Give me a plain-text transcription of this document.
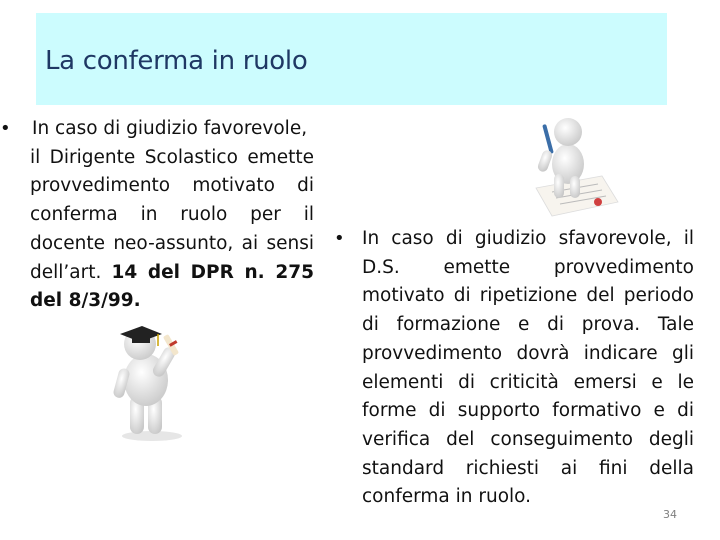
La conferma in ruolo
• In caso di giudizio favorevole,
il Dirigente Scolastico emette provvedimento motivato di conferma in ruolo per il docente neo-assunto, ai sensi dell’art. 14 del DPR n. 275 del 8/3/99.
• In caso di giudizio sfavorevole, il D.S. emette provvedimento motivato di ripetizione del periodo di formazione e di prova. Tale provvedimento dovrà indicare gli elementi di criticità emersi e le forme di supporto formativo e di verifica del conseguimento degli standard richiesti ai fini della conferma in ruolo.
34
